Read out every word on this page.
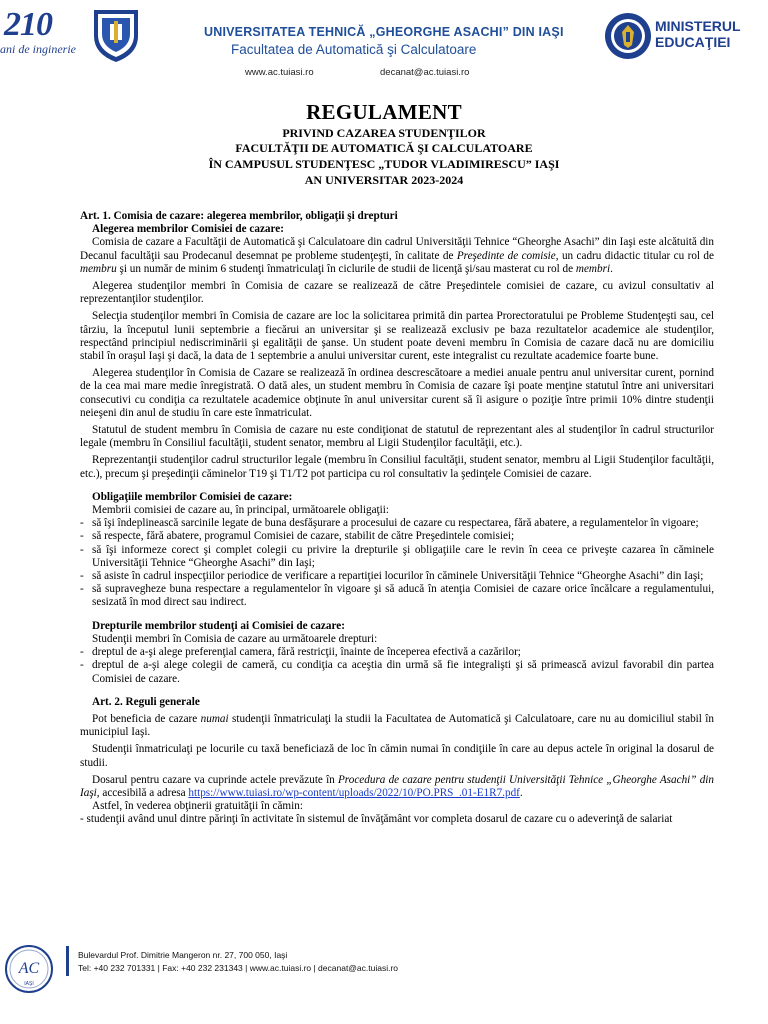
210
ani de inginerie
UNIVERSITATEA TEHNICĂ „GHEORGHE ASACHI” DIN IAŞI
Facultatea de Automatică şi Calculatoare
www.ac.tuiasi.ro	decanat@ac.tuiasi.ro
MINISTERUL
EDUCAŢIEI
REGULAMENT
PRIVIND CAZAREA STUDENŢILOR
FACULTĂŢII DE AUTOMATICĂ ŞI CALCULATOARE
ÎN CAMPUSUL STUDENŢESC „TUDOR VLADIMIRESCU” IAŞI
AN UNIVERSITAR 2023-2024

Art. 1. Comisia de cazare: alegerea membrilor, obligaţii şi drepturi

Alegerea membrilor Comisiei de cazare:

Comisia de cazare a Facultăţii de Automatică şi Calculatoare din cadrul Universităţii Tehnice “Gheorghe Asachi” din Iaşi este alcătuită din Decanul facultăţii sau Prodecanul desemnat pe probleme studenţeşti, în calitate de Preşedinte de comisie, un cadru didactic titular cu rol de membru şi un număr de minim 6 studenţi înmatriculaţi în ciclurile de studii de licenţă şi/sau masterat cu rol de membri.

Alegerea studenţilor membri în Comisia de cazare se realizează de către Preşedintele comisiei de cazare, cu avizul consultativ al reprezentanţilor studenţilor.

Selecţia studenţilor membri în Comisia de cazare are loc la solicitarea primită din partea Prorectoratului pe Probleme Studenţeşti sau, cel târziu, la începutul lunii septembrie a fiecărui an universitar şi se realizează exclusiv pe baza rezultatelor academice ale studenţilor, respectând principiul nediscriminării şi egalităţii de şanse. Un student poate deveni membru în Comisia de cazare dacă nu are domiciliu stabil în oraşul Iaşi şi dacă, la data de 1 septembrie a anului universitar curent, este integralist cu rezultate academice foarte bune.

Alegerea studenţilor în Comisia de Cazare se realizează în ordinea descrescătoare a mediei anuale pentru anul universitar curent, pornind de la cea mai mare medie înregistrată. O dată ales, un student membru în Comisia de cazare îşi poate menţine statutul între ani universitari consecutivi cu condiţia ca rezultatele academice obţinute în anul universitar curent să îi asigure o poziţie între primii 10% dintre studenţii neieşeni din anul de studiu în care este înmatriculat.

Statutul de student membru în Comisia de cazare nu este condiţionat de statutul de reprezentant ales al studenţilor în cadrul structurilor legale (membru în Consiliul facultăţii, student senator, membru al Ligii Studenţilor facultăţii, etc.).

Reprezentanţii studenţilor cadrul structurilor legale (membru în Consiliul facultăţii, student senator, membru al Ligii Studenţilor facultăţii, etc.), precum şi preşedinţii căminelor T19 şi T1/T2 pot participa cu rol consultativ la şedinţele Comisiei de cazare.

Obligaţiile membrilor Comisiei de cazare:

Membrii comisiei de cazare au, în principal, următoarele obligaţii:

- să îşi îndeplinească sarcinile legate de buna desfăşurare a procesului de cazare cu respectarea, fără abatere, a regulamentelor în vigoare;
- să respecte, fără abatere, programul Comisiei de cazare, stabilit de către Preşedintele comisiei;
- să îşi informeze corect şi complet colegii cu privire la drepturile şi obligaţiile care le revin în ceea ce priveşte cazarea în căminele Universităţii Tehnice “Gheorghe Asachi” din Iaşi;
- să asiste în cadrul inspecţiilor periodice de verificare a repartiţiei locurilor în căminele Universităţii Tehnice “Gheorghe Asachi” din Iaşi;
- să supravegheze buna respectare a regulamentelor în vigoare şi să aducă în atenţia Comisiei de cazare orice încălcare a regulamentului, sesizată în mod direct sau indirect.

Drepturile membrilor studenţi ai Comisiei de cazare:

Studenţii membri în Comisia de cazare au următoarele drepturi:

- dreptul de a-şi alege preferenţial camera, fără restricţii, înainte de începerea efectivă a cazărilor;
- dreptul de a-şi alege colegii de cameră, cu condiţia ca aceştia din urmă să fie integralişti şi să primească avizul favorabil din partea Comisiei de cazare.

Art. 2. Reguli generale

Pot beneficia de cazare numai studenţii înmatriculaţi la studii la Facultatea de Automatică şi Calculatoare, care nu au domiciliul stabil în municipiul Iaşi.

Studenţii înmatriculaţi pe locurile cu taxă beneficiază de loc în cămin numai în condiţiile în care au depus actele în original la dosarul de studii.

Dosarul pentru cazare va cuprinde actele prevăzute în Procedura de cazare pentru studenţii Universităţii Tehnice „Gheorghe Asachi” din Iaşi, accesibilă a adresa https://www.tuiasi.ro/wp-content/uploads/2022/10/PO.PRS_.01-E1R7.pdf.

Astfel, în vederea obţinerii gratuităţii în cămin:

- studenţii având unul dintre părinţi în activitate în sistemul de învăţământ vor completa dosarul de cazare cu o adeverinţă de salariat

AC
IAŞI
Bulevardul Prof. Dimitrie Mangeron nr. 27, 700 050, Iaşi
Tel: +40 232 701331 | Fax: +40 232 231343 | www.ac.tuiasi.ro | decanat@ac.tuiasi.ro
